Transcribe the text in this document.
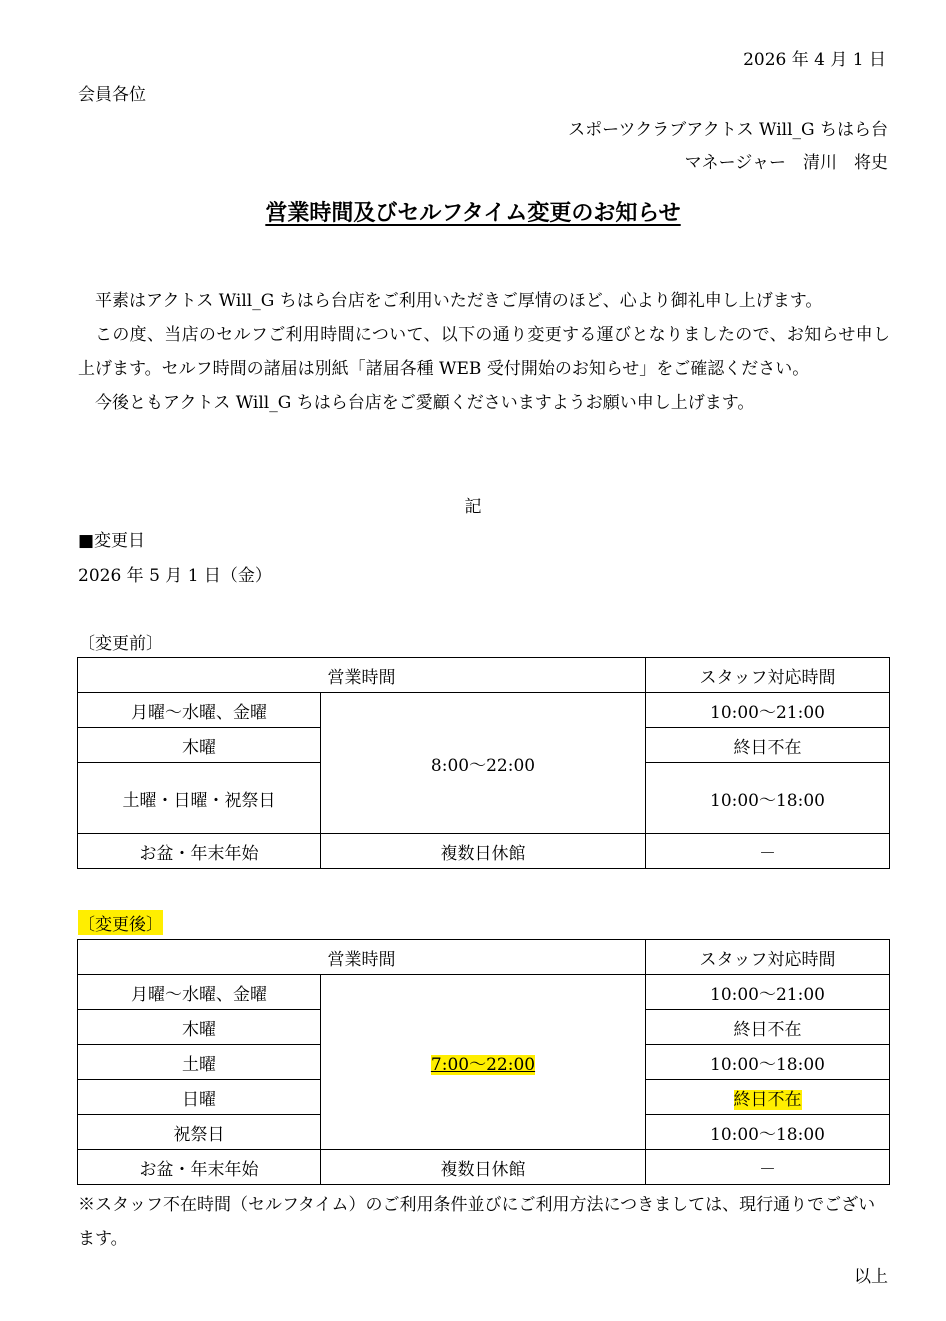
2026 年 4 月 1 日
会員各位
スポーツクラブアクトス Will_G ちはら台
マネージャー　清川　将史
営業時間及びセルフタイム変更のお知らせ

平素はアクトス Will_G ちはら台店をご利用いただきご厚情のほど、心より御礼申し上げます。

この度、当店のセルフご利用時間について、以下の通り変更する運びとなりましたので、お知らせ申し上げます。セルフ時間の諸届は別紙「諸届各種 WEB 受付開始のお知らせ」をご確認ください。

今後ともアクトス Will_G ちはら台店をご愛顧くださいますようお願い申し上げます。

記
■変更日
2026 年 5 月 1 日（金）
〔変更前〕
営業時間		スタッフ対応時間
月曜～水曜、金曜	8:00～22:00	10:00～21:00
木曜		終日不在
土曜・日曜・祝祭日		10:00～18:00
お盆・年末年始	複数日休館	－
〔変更後〕
営業時間		スタッフ対応時間
月曜～水曜、金曜	7:00～22:00	10:00～21:00
木曜		終日不在
土曜		10:00～18:00
日曜		終日不在
祝祭日		10:00～18:00
お盆・年末年始	複数日休館	－
※スタッフ不在時間（セルフタイム）のご利用条件並びにご利用方法につきましては、現行通りでございます。
以上
